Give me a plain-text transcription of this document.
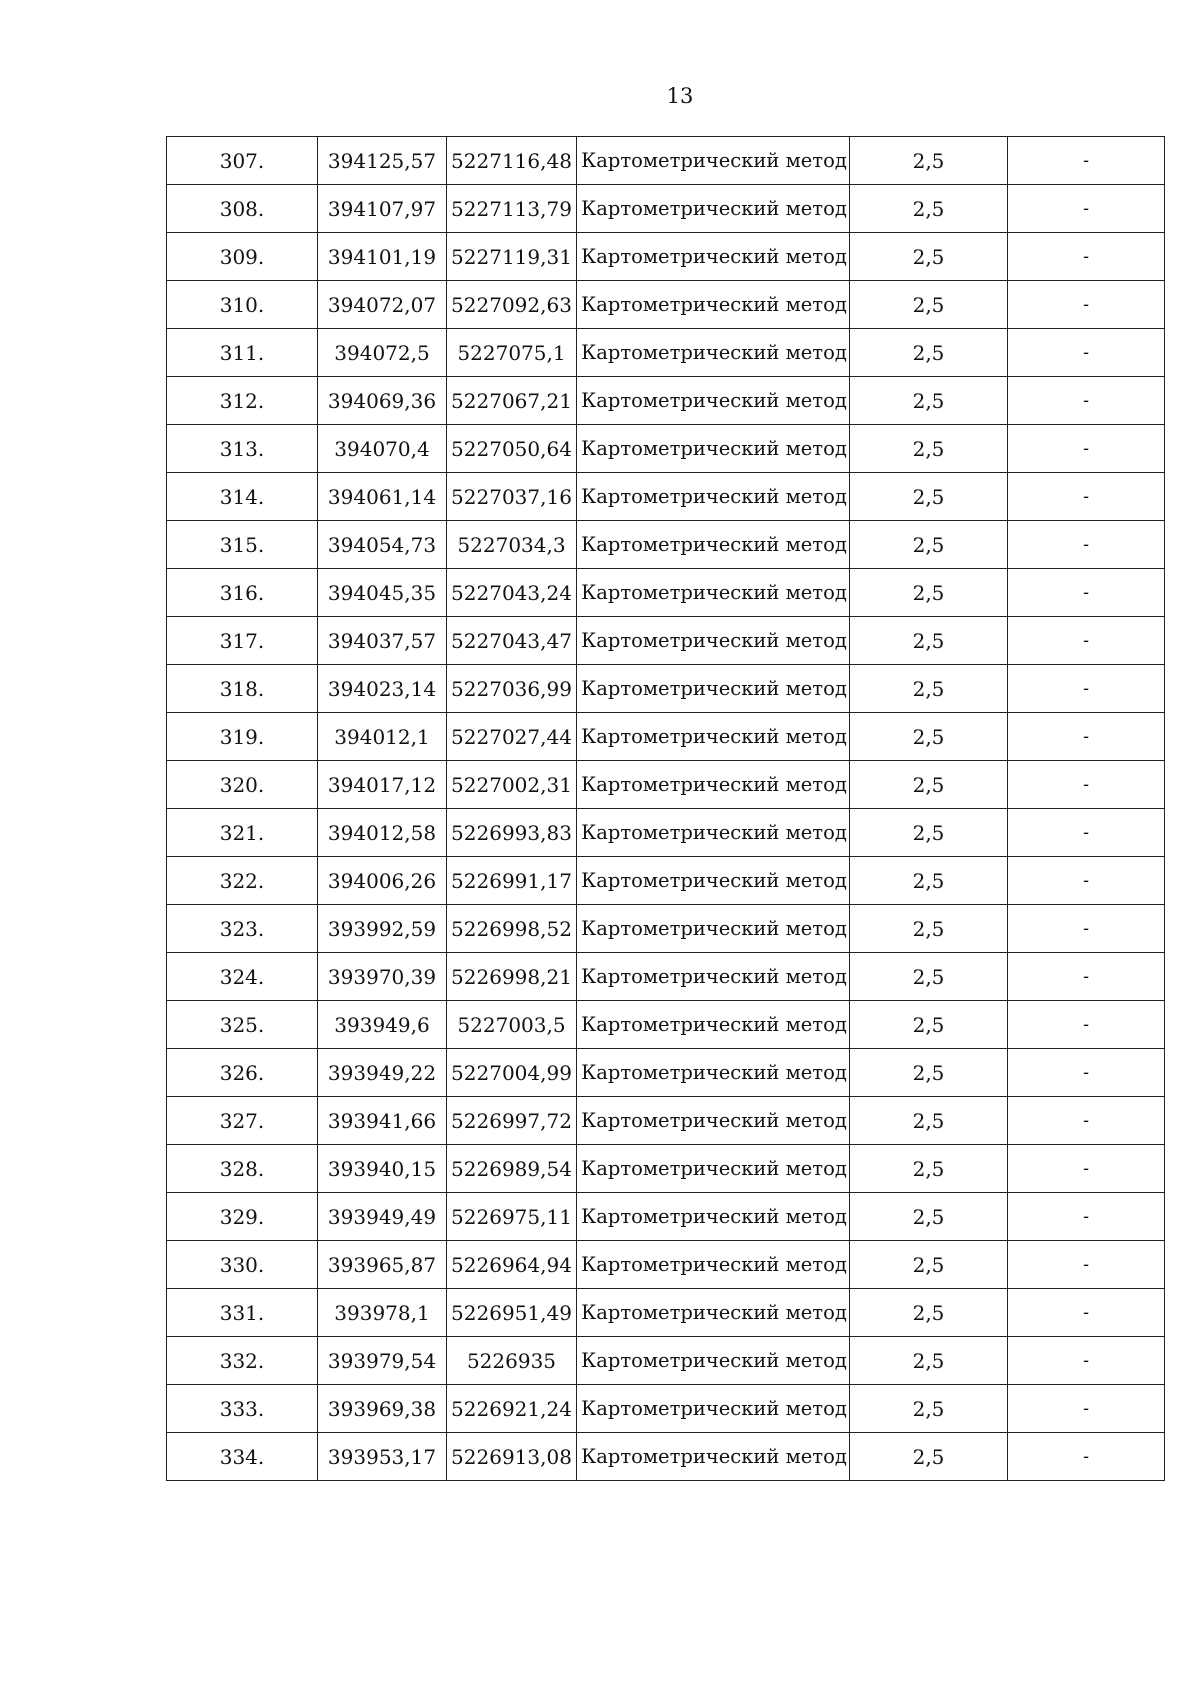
13
307.	394125,57	5227116,48	Картометрический метод	2,5	-
308.	394107,97	5227113,79	Картометрический метод	2,5	-
309.	394101,19	5227119,31	Картометрический метод	2,5	-
310.	394072,07	5227092,63	Картометрический метод	2,5	-
311.	394072,5	5227075,1	Картометрический метод	2,5	-
312.	394069,36	5227067,21	Картометрический метод	2,5	-
313.	394070,4	5227050,64	Картометрический метод	2,5	-
314.	394061,14	5227037,16	Картометрический метод	2,5	-
315.	394054,73	5227034,3	Картометрический метод	2,5	-
316.	394045,35	5227043,24	Картометрический метод	2,5	-
317.	394037,57	5227043,47	Картометрический метод	2,5	-
318.	394023,14	5227036,99	Картометрический метод	2,5	-
319.	394012,1	5227027,44	Картометрический метод	2,5	-
320.	394017,12	5227002,31	Картометрический метод	2,5	-
321.	394012,58	5226993,83	Картометрический метод	2,5	-
322.	394006,26	5226991,17	Картометрический метод	2,5	-
323.	393992,59	5226998,52	Картометрический метод	2,5	-
324.	393970,39	5226998,21	Картометрический метод	2,5	-
325.	393949,6	5227003,5	Картометрический метод	2,5	-
326.	393949,22	5227004,99	Картометрический метод	2,5	-
327.	393941,66	5226997,72	Картометрический метод	2,5	-
328.	393940,15	5226989,54	Картометрический метод	2,5	-
329.	393949,49	5226975,11	Картометрический метод	2,5	-
330.	393965,87	5226964,94	Картометрический метод	2,5	-
331.	393978,1	5226951,49	Картометрический метод	2,5	-
332.	393979,54	5226935	Картометрический метод	2,5	-
333.	393969,38	5226921,24	Картометрический метод	2,5	-
334.	393953,17	5226913,08	Картометрический метод	2,5	-
